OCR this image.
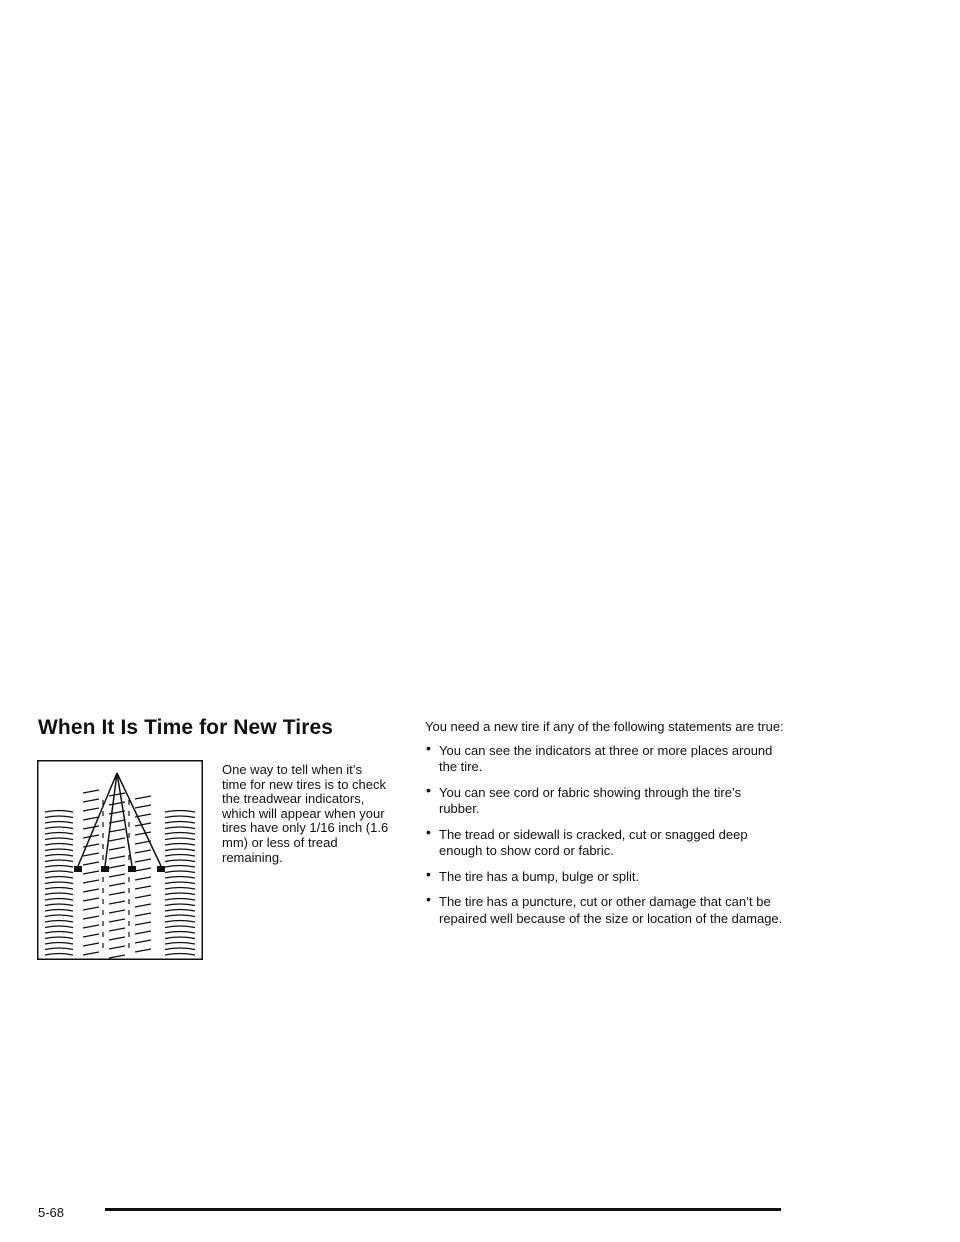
When It Is Time for New Tires

One way to tell when it’s time for new tires is to check the treadwear indicators, which will appear when your tires have only 1/16 inch (1.6 mm) or less of tread remaining.

You need a new tire if any of the following statements are true:

• You can see the indicators at three or more places around the tire.
• You can see cord or fabric showing through the tire’s rubber.
• The tread or sidewall is cracked, cut or snagged deep enough to show cord or fabric.
• The tire has a bump, bulge or split.
• The tire has a puncture, cut or other damage that can’t be repaired well because of the size or location of the damage.
5-68
